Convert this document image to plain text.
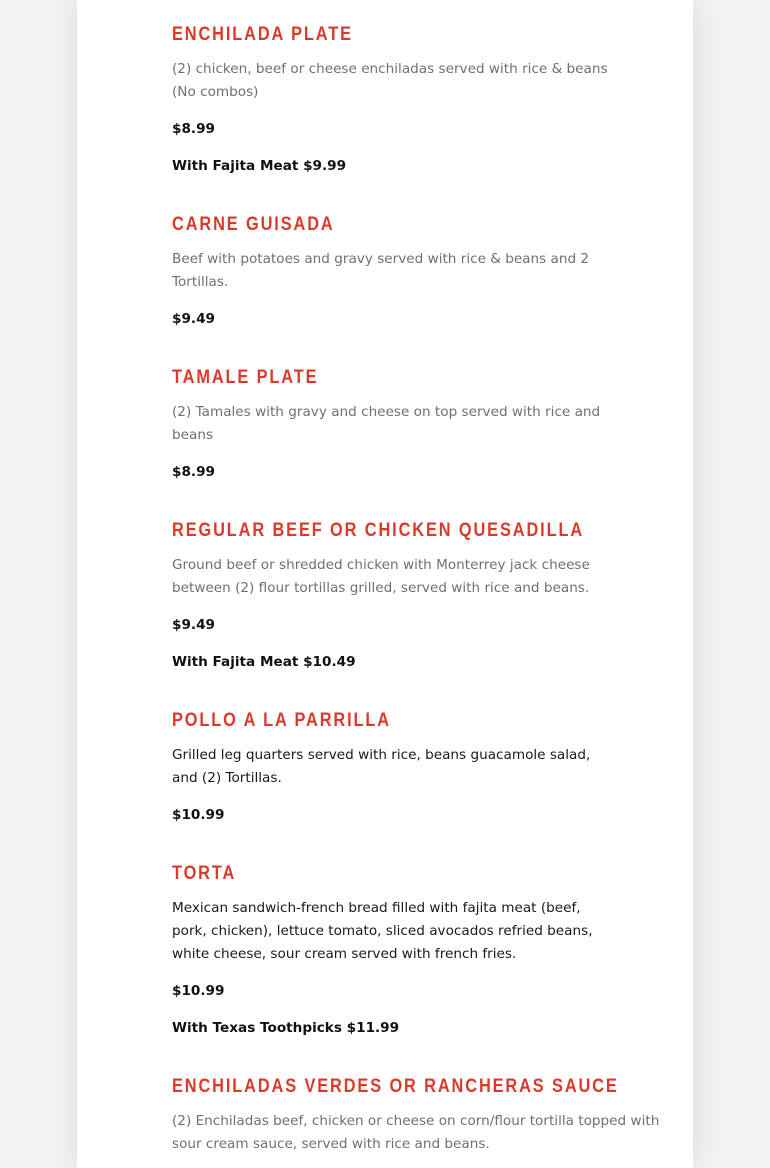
ENCHILADA PLATE
(2) chicken, beef or cheese enchiladas served with rice & beans (No combos)
$8.99
With Fajita Meat $9.99
CARNE GUISADA
Beef with potatoes and gravy served with rice & beans and 2 Tortillas.
$9.49
TAMALE PLATE
(2) Tamales with gravy and cheese on top served with rice and beans
$8.99
REGULAR BEEF OR CHICKEN QUESADILLA
Ground beef or shredded chicken with Monterrey jack cheese between (2) flour tortillas grilled, served with rice and beans.
$9.49
With Fajita Meat $10.49
POLLO A LA PARRILLA
Grilled leg quarters served with rice, beans guacamole salad, and (2) Tortillas.
$10.99
TORTA
Mexican sandwich-french bread filled with fajita meat (beef, pork, chicken), lettuce tomato, sliced avocados refried beans, white cheese, sour cream served with french fries.
$10.99
With Texas Toothpicks $11.99
ENCHILADAS VERDES OR RANCHERAS SAUCE
(2) Enchiladas beef, chicken or cheese on corn/flour tortilla topped with sour cream sauce, served with rice and beans.
